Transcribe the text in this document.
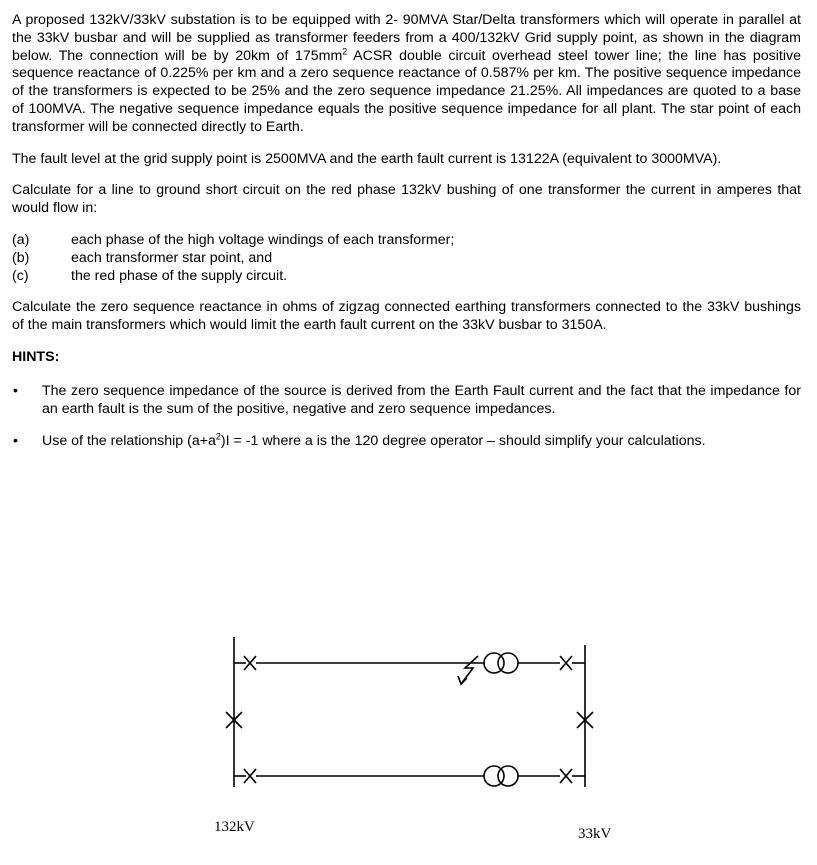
A proposed 132kV/33kV substation is to be equipped with 2- 90MVA Star/Delta transformers which will operate in parallel at the 33kV busbar and will be supplied as transformer feeders from a 400/132kV Grid supply point, as shown in the diagram below. The connection will be by 20km of $175mm^2$ ACSR double circuit overhead steel tower line; the line has positive sequence reactance of 0.225% per km and a zero sequence reactance of 0.587% per km. The positive sequence impedance of the transformers is expected to be 25% and the zero sequence impedance 21.25%. All impedances are quoted to a base of 100MVA. The negative sequence impedance equals the positive sequence impedance for all plant. The star point of each transformer will be connected directly to Earth.

The fault level at the grid supply point is 2500MVA and the earth fault current is 13122A (equivalent to 3000MVA).

Calculate for a line to ground short circuit on the red phase 132kV bushing of one transformer the current in amperes that would flow in:

(a)	each phase of the high voltage windings of each transformer;
(b)	each transformer star point, and
(c)	the red phase of the supply circuit.

Calculate the zero sequence reactance in ohms of zigzag connected earthing transformers connected to the 33kV bushings of the main transformers which would limit the earth fault current on the 33kV busbar to 3150A.

HINTS:
•	The zero sequence impedance of the source is derived from the Earth Fault current and the fact that the impedance for an earth fault is the sum of the positive, negative and zero sequence impedances.
•	Use of the relationship $(a+a^2)I = -1$ where a is the 120 degree operator – should simplify your calculations.
132kV	33kV
